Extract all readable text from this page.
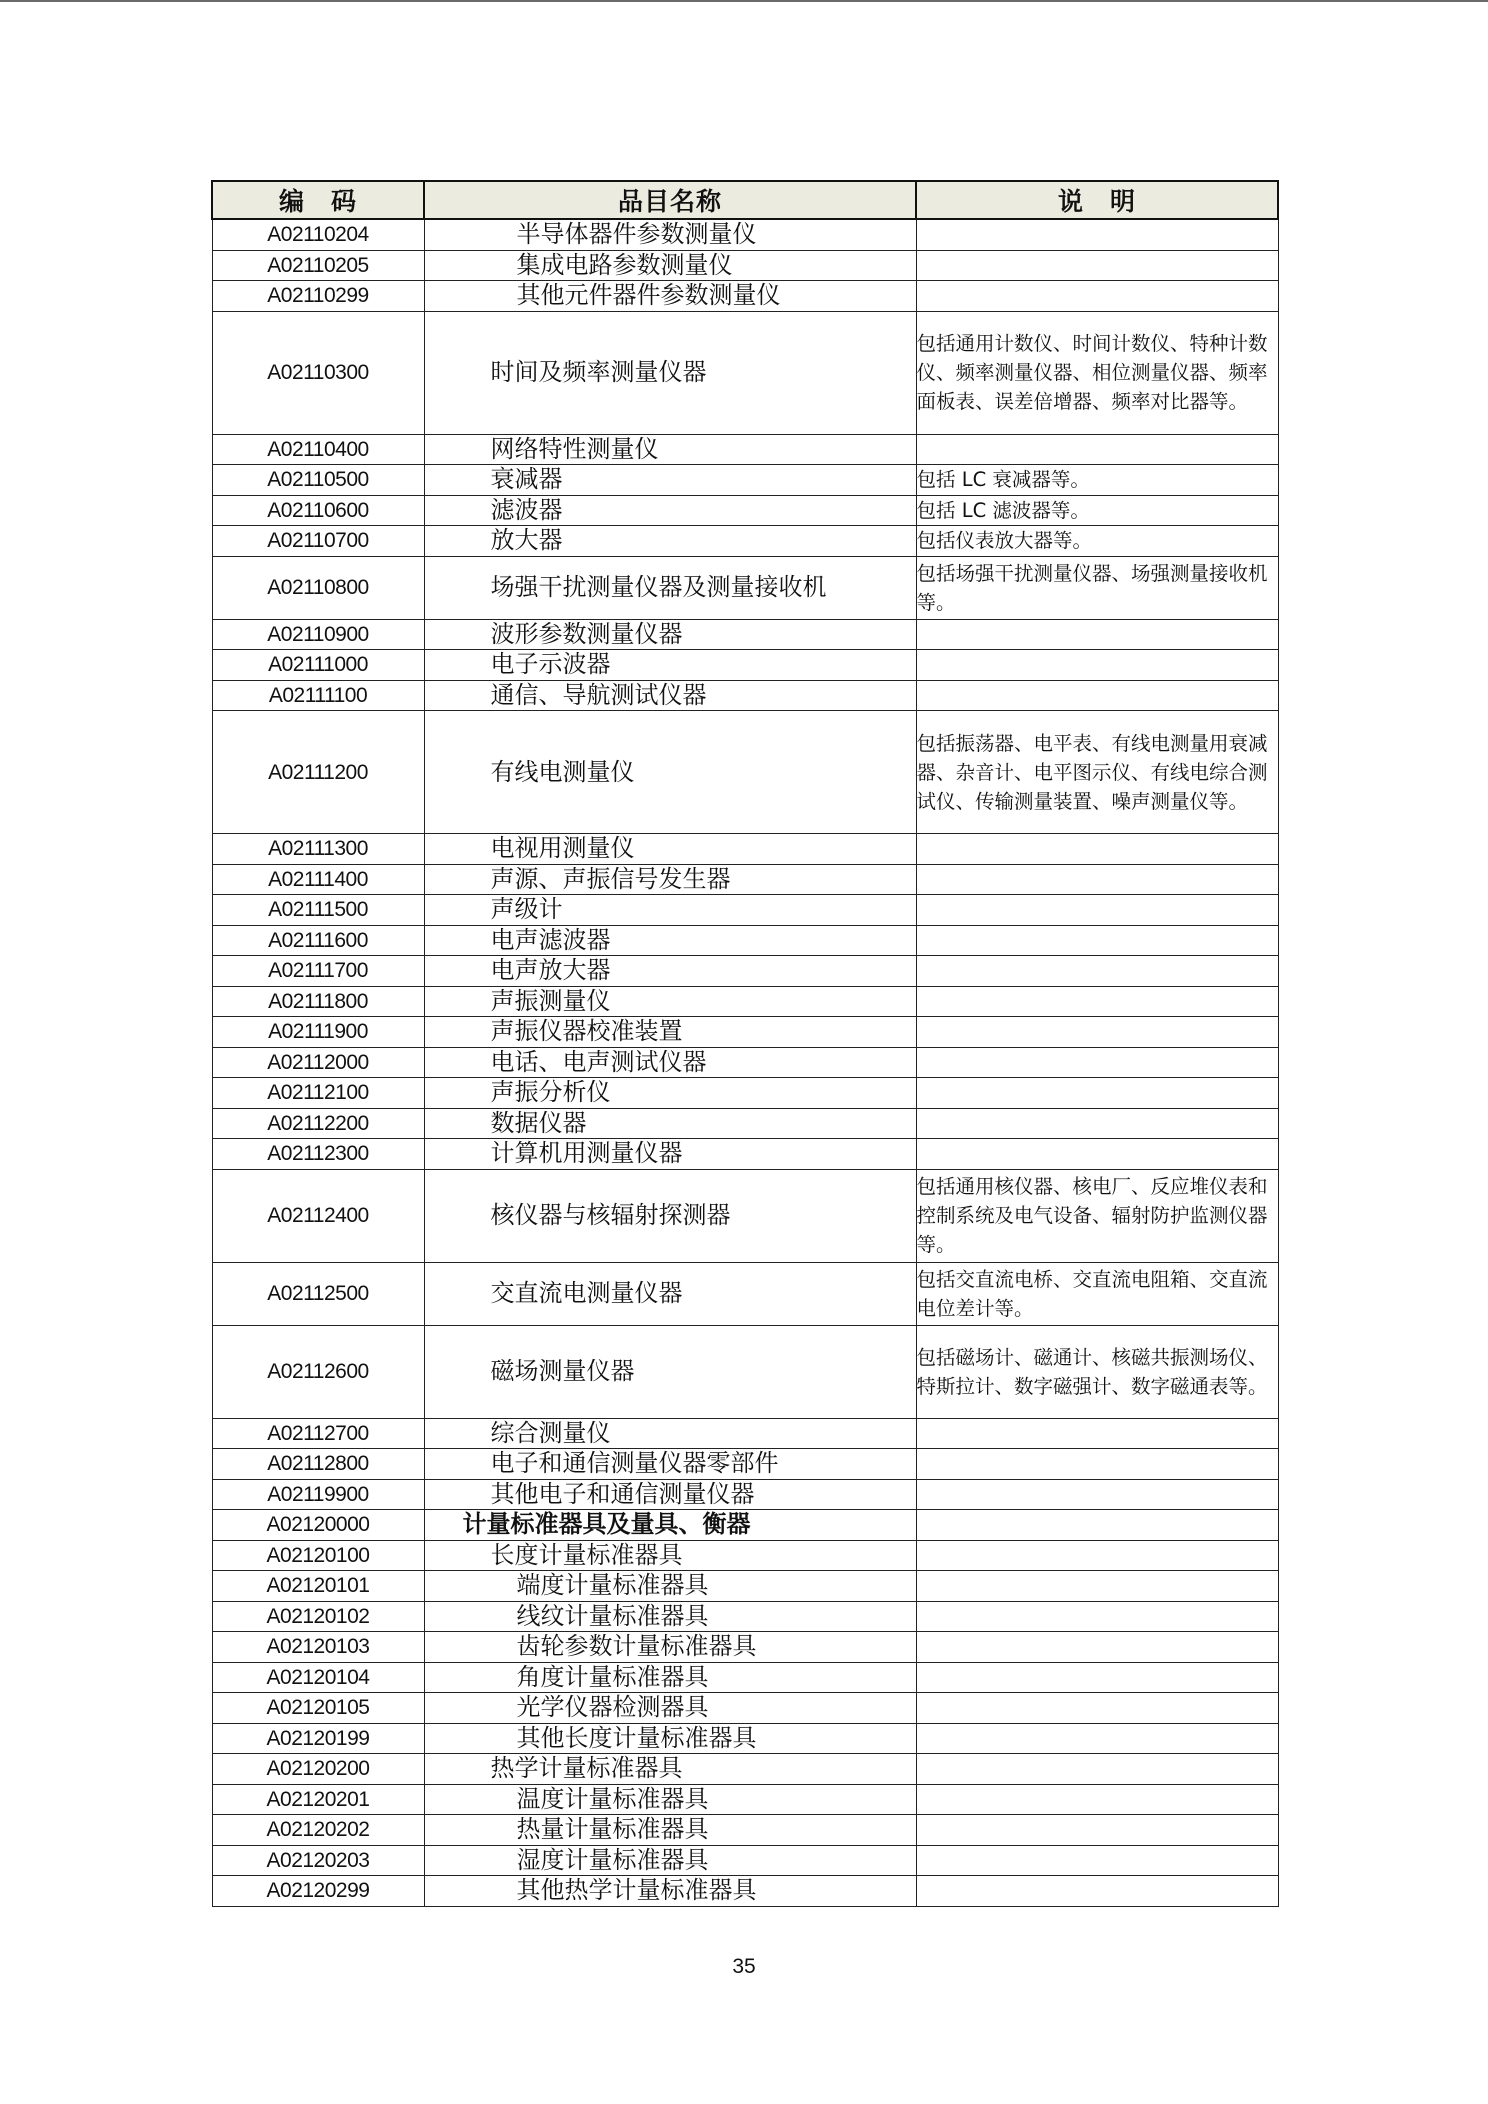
编　码	品目名称	说　明
A02110204	半导体器件参数测量仪	
A02110205	集成电路参数测量仪	
A02110299	其他元件器件参数测量仪	
A02110300	时间及频率测量仪器	包括通用计数仪、时间计数仪、特种计数仪、频率测量仪器、相位测量仪器、频率面板表、误差倍增器、频率对比器等。
A02110400	网络特性测量仪	
A02110500	衰减器	包括 LC 衰减器等。
A02110600	滤波器	包括 LC 滤波器等。
A02110700	放大器	包括仪表放大器等。
A02110800	场强干扰测量仪器及测量接收机	包括场强干扰测量仪器、场强测量接收机等。
A02110900	波形参数测量仪器	
A02111000	电子示波器	
A02111100	通信、导航测试仪器	
A02111200	有线电测量仪	包括振荡器、电平表、有线电测量用衰减器、杂音计、电平图示仪、有线电综合测试仪、传输测量装置、噪声测量仪等。
A02111300	电视用测量仪	
A02111400	声源、声振信号发生器	
A02111500	声级计	
A02111600	电声滤波器	
A02111700	电声放大器	
A02111800	声振测量仪	
A02111900	声振仪器校准装置	
A02112000	电话、电声测试仪器	
A02112100	声振分析仪	
A02112200	数据仪器	
A02112300	计算机用测量仪器	
A02112400	核仪器与核辐射探测器	包括通用核仪器、核电厂、反应堆仪表和控制系统及电气设备、辐射防护监测仪器等。
A02112500	交直流电测量仪器	包括交直流电桥、交直流电阻箱、交直流电位差计等。
A02112600	磁场测量仪器	包括磁场计、磁通计、核磁共振测场仪、特斯拉计、数字磁强计、数字磁通表等。
A02112700	综合测量仪	
A02112800	电子和通信测量仪器零部件	
A02119900	其他电子和通信测量仪器	
A02120000	计量标准器具及量具、衡器	
A02120100	长度计量标准器具	
A02120101	端度计量标准器具	
A02120102	线纹计量标准器具	
A02120103	齿轮参数计量标准器具	
A02120104	角度计量标准器具	
A02120105	光学仪器检测器具	
A02120199	其他长度计量标准器具	
A02120200	热学计量标准器具	
A02120201	温度计量标准器具	
A02120202	热量计量标准器具	
A02120203	湿度计量标准器具	
A02120299	其他热学计量标准器具	
35
